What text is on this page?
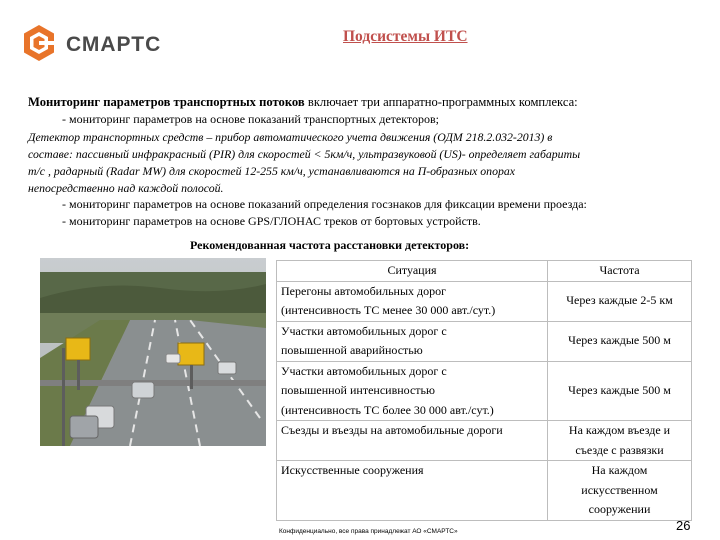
СМАРТС	Подсистемы ИТС
Мониторинг параметров транспортных потоков включает три аппаратно-программных комплекса:
- мониторинг параметров на основе показаний транспортных детекторов;
Детектор транспортных средств – прибор автоматического учета движения (ОДМ 218.2.032-2013) в
составе: пассивный инфракрасный (PIR) для скоростей < 5км/ч, ультразвуковой (US)- определяет габариты
т/с , радарный (Radar MW) для скоростей 12-255 км/ч, устанавливаются на П-образных опорах
непосредственно над каждой полосой.
- мониторинг параметров на основе показаний определения госзнаков для фиксации времени проезда:
- мониторинг параметров на основе GPS/ГЛОНАС треков от бортовых устройств.
Рекомендованная частота расстановки детекторов:
Ситуация	Частота

Перегоны автомобильных дорог
(интенсивность ТС менее 30 000 авт./сут.)	Через каждые 2-5 км

Участки автомобильных дорог с
повышенной аварийностью	Через каждые 500 м

Участки автомобильных дорог с
повышенной интенсивностью
(интенсивность ТС более 30 000 авт./сут.)	Через каждые 500 м

Съезды и въезды на автомобильные дороги	На каждом въезде и
съезде с развязки

Искусственные сооружения	На каждом
искусственном
сооружении
Конфиденциально, все права принадлежат АО «СМАРТС»	26
